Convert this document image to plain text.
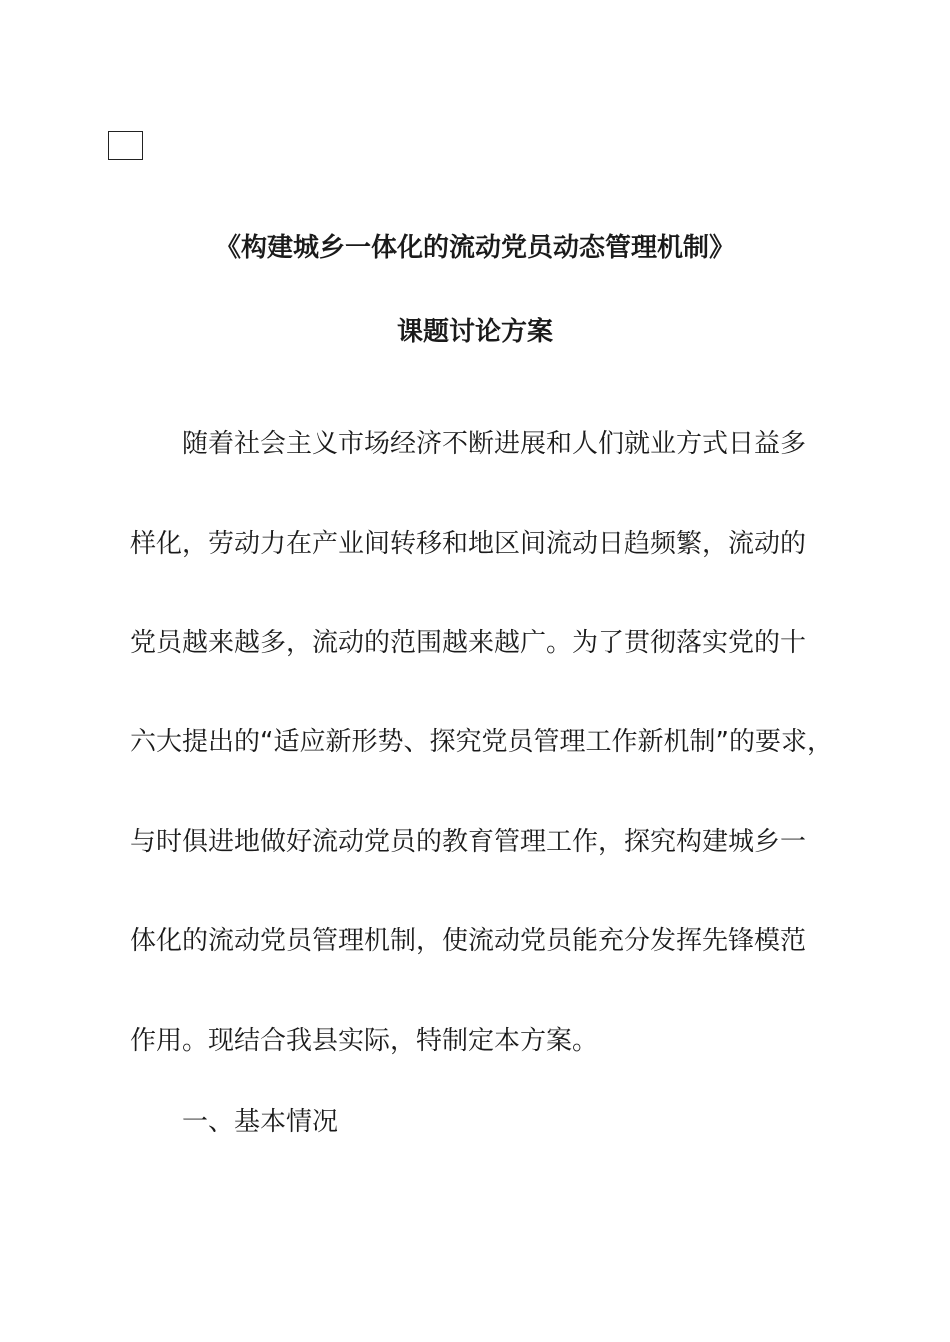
《构建城乡一体化的流动党员动态管理机制》
课题讨论方案
随着社会主义市场经济不断进展和人们就业方式日益多
样化，劳动力在产业间转移和地区间流动日趋频繁，流动的
党员越来越多，流动的范围越来越广。为了贯彻落实党的十
六大提出的“适应新形势、探究党员管理工作新机制”的要求，
与时俱进地做好流动党员的教育管理工作，探究构建城乡一
体化的流动党员管理机制，使流动党员能充分发挥先锋模范
作用。现结合我县实际，特制定本方案。
一、基本情况
